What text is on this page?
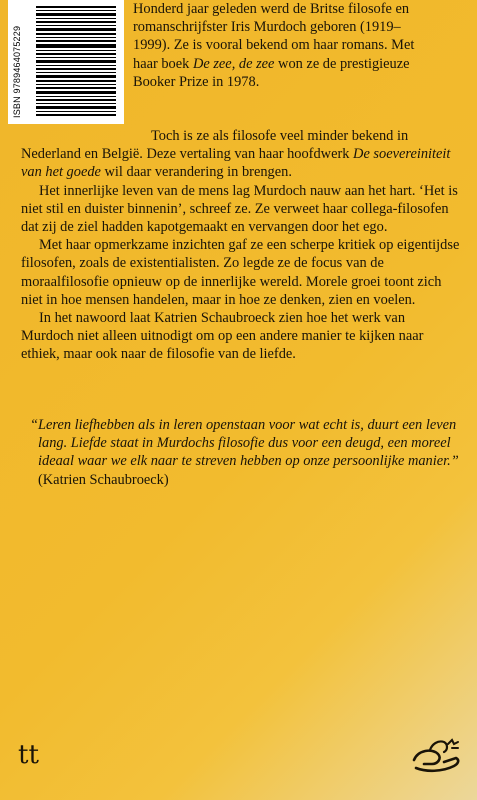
ISBN 9789464075229

Honderd jaar geleden werd de Britse filosofe en
romanschrijfster Iris Murdoch geboren (1919–
1999). Ze is vooral bekend om haar romans. Met
haar boek De zee, de zee won ze de prestigieuze
Booker Prize in 1978.

Toch is ze als filosofe veel minder bekend in Nederland en België. Deze vertaling van haar hoofdwerk De soevereiniteit van het goede wil daar verandering in brengen.

Het innerlijke leven van de mens lag Murdoch nauw aan het hart. ‘Het is niet stil en duister binnenin’, schreef ze. Ze verweet haar collega-filosofen dat zij de ziel hadden kapotgemaakt en vervangen door het ego.

Met haar opmerkzame inzichten gaf ze een scherpe kritiek op eigentijdse filosofen, zoals de existentialisten. Zo legde ze de focus van de moraalfilosofie opnieuw op de innerlijke wereld. Morele groei toont zich niet in hoe mensen handelen, maar in hoe ze denken, zien en voelen.

In het nawoord laat Katrien Schaubroeck zien hoe het werk van Murdoch niet alleen uitnodigt om op een andere manier te kijken naar ethiek, maar ook naar de filosofie van de liefde.

“Leren liefhebben als in leren openstaan voor wat echt is, duurt een leven lang. Liefde staat in Murdochs filosofie dus voor een deugd, een moreel ideaal waar we elk naar te streven hebben op onze persoonlijke manier.”

(Katrien Schaubroeck)

tt
